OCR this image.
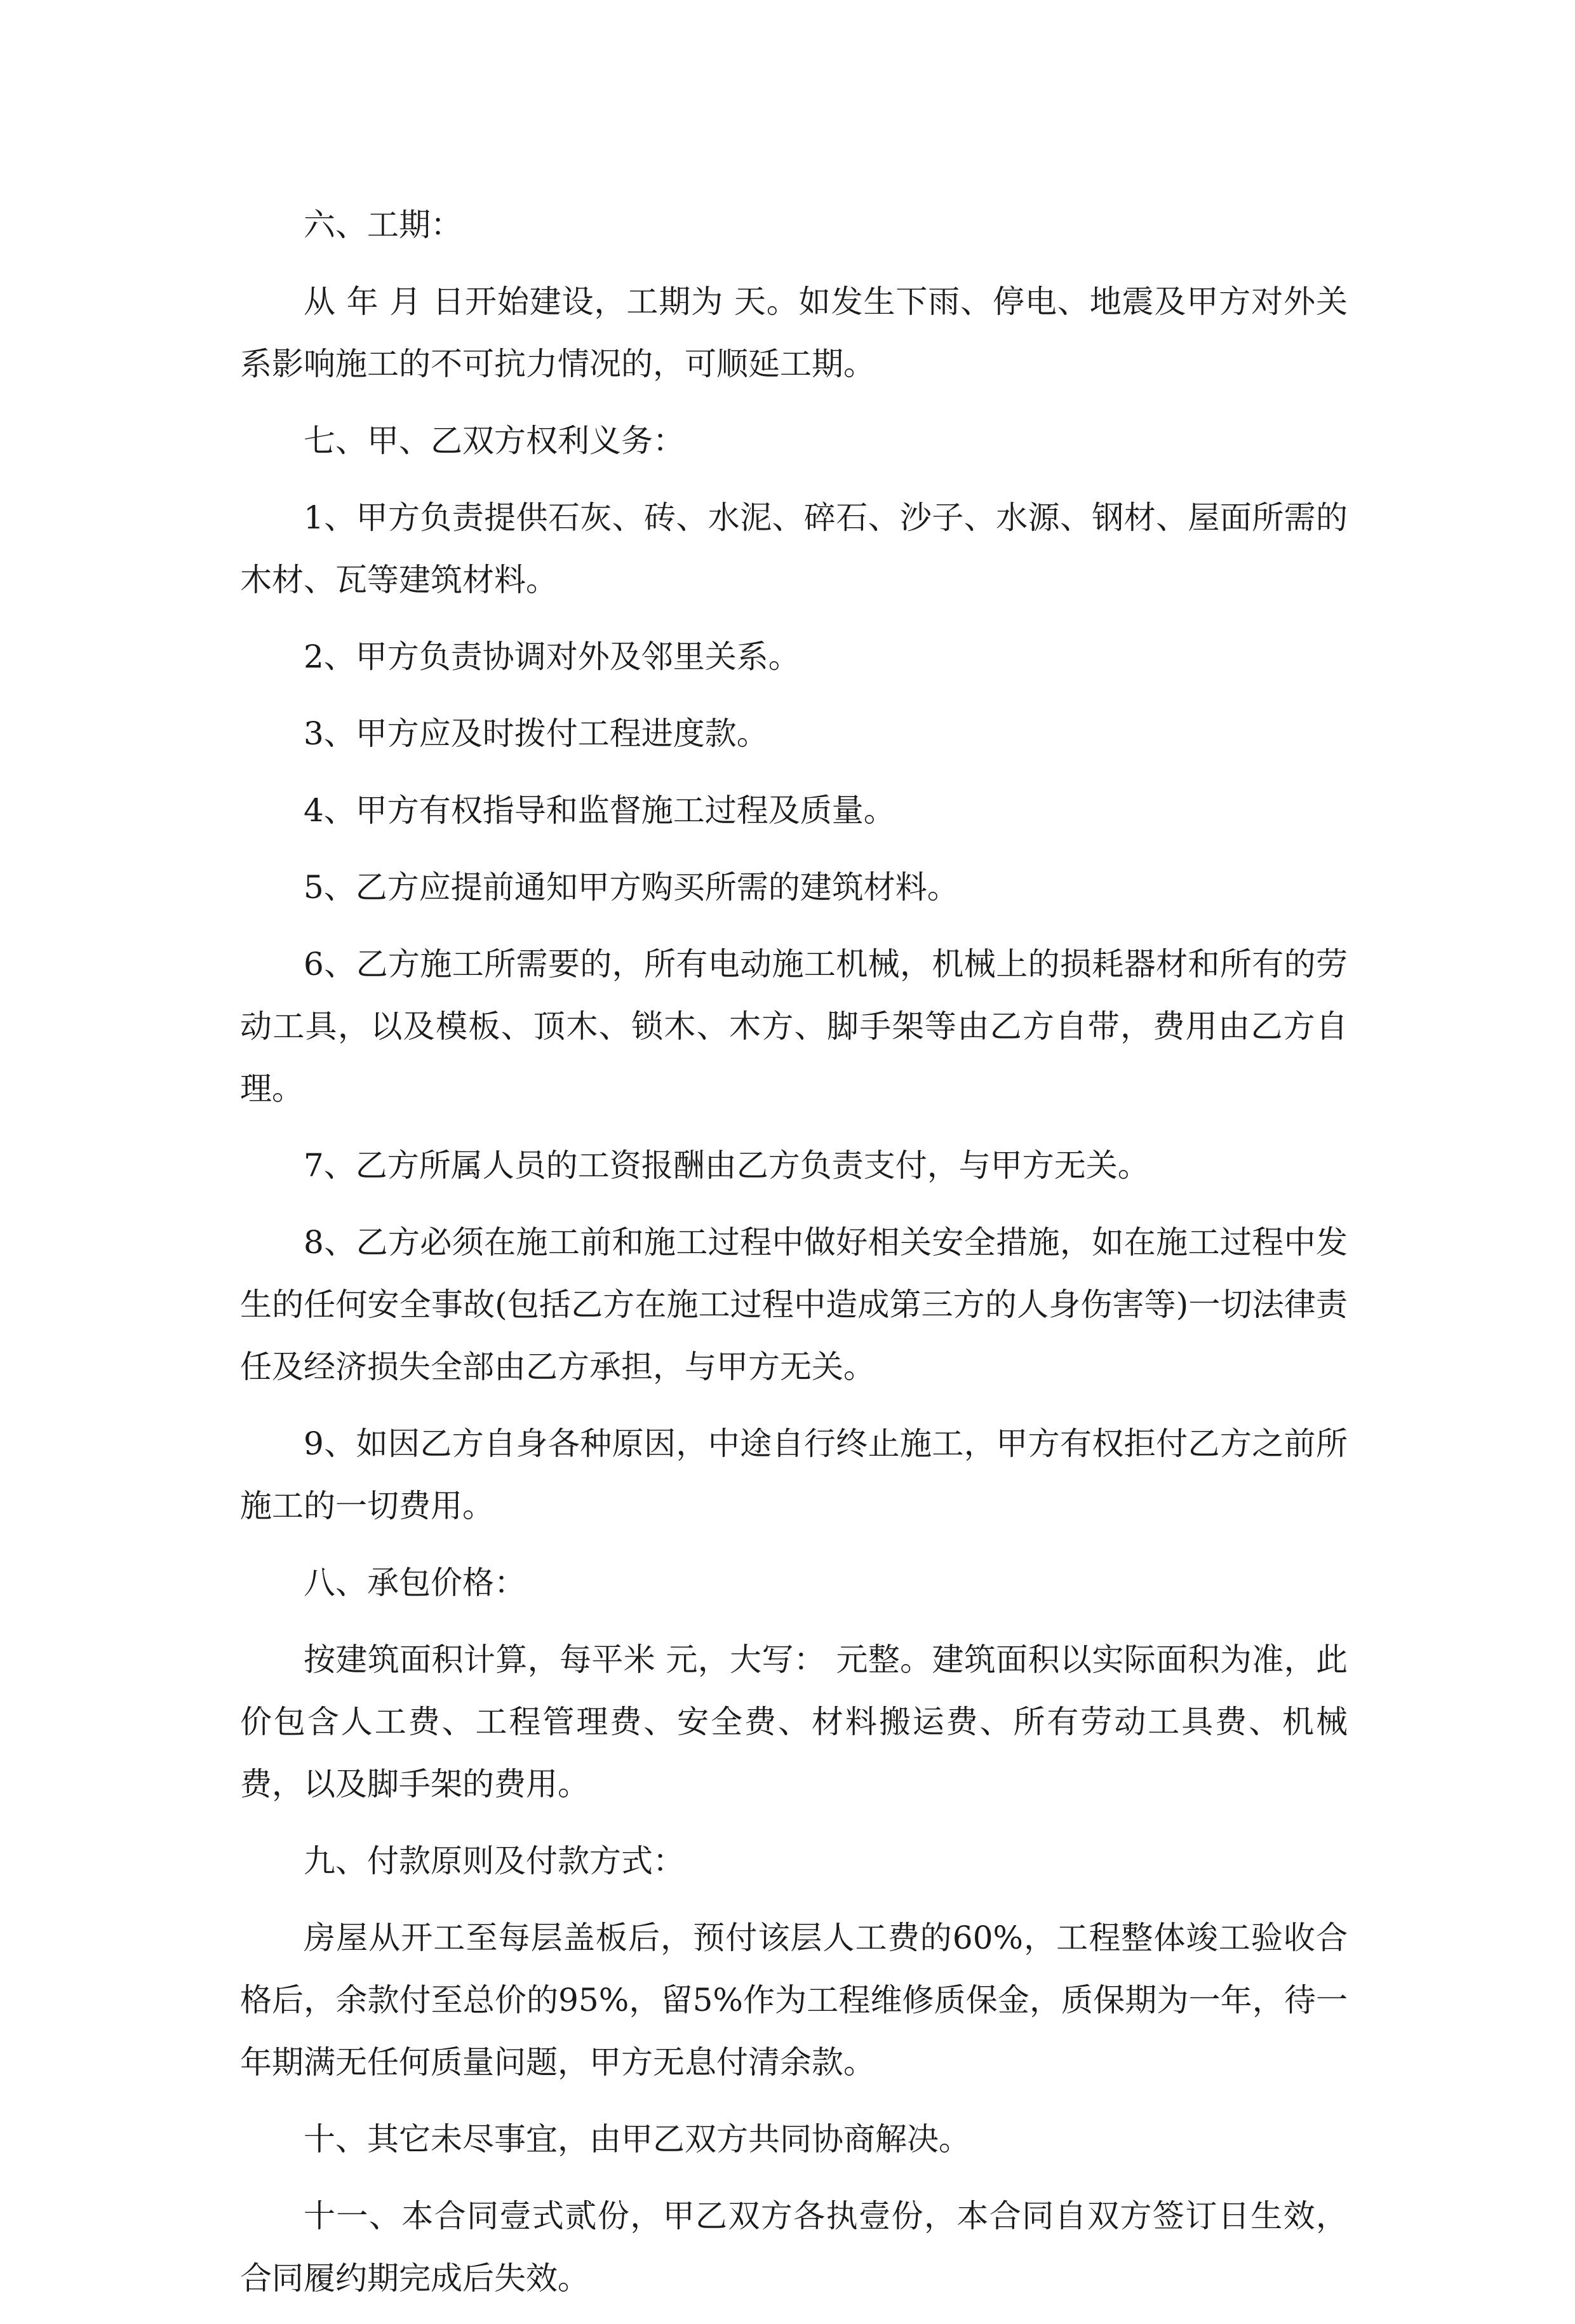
六、工期：

从 年 月 日开始建设，工期为 天。如发生下雨、停电、地震及甲方对外关系影响施工的不可抗力情况的，可顺延工期。

七、甲、乙双方权利义务：

1、甲方负责提供石灰、砖、水泥、碎石、沙子、水源、钢材、屋面所需的木材、瓦等建筑材料。

2、甲方负责协调对外及邻里关系。

3、甲方应及时拨付工程进度款。

4、甲方有权指导和监督施工过程及质量。

5、乙方应提前通知甲方购买所需的建筑材料。

6、乙方施工所需要的，所有电动施工机械，机械上的损耗器材和所有的劳动工具，以及模板、顶木、锁木、木方、脚手架等由乙方自带，费用由乙方自理。

7、乙方所属人员的工资报酬由乙方负责支付，与甲方无关。

8、乙方必须在施工前和施工过程中做好相关安全措施，如在施工过程中发生的任何安全事故(包括乙方在施工过程中造成第三方的人身伤害等)一切法律责任及经济损失全部由乙方承担，与甲方无关。

9、如因乙方自身各种原因，中途自行终止施工，甲方有权拒付乙方之前所施工的一切费用。

八、承包价格：

按建筑面积计算，每平米 元，大写： 元整。建筑面积以实际面积为准，此价包含人工费、工程管理费、安全费、材料搬运费、所有劳动工具费、机械费，以及脚手架的费用。

九、付款原则及付款方式：

房屋从开工至每层盖板后，预付该层人工费的60%，工程整体竣工验收合格后，余款付至总价的95%，留5%作为工程维修质保金，质保期为一年，待一年期满无任何质量问题，甲方无息付清余款。

十、其它未尽事宜，由甲乙双方共同协商解决。

十一、本合同壹式贰份，甲乙双方各执壹份，本合同自双方签订日生效，合同履约期完成后失效。
